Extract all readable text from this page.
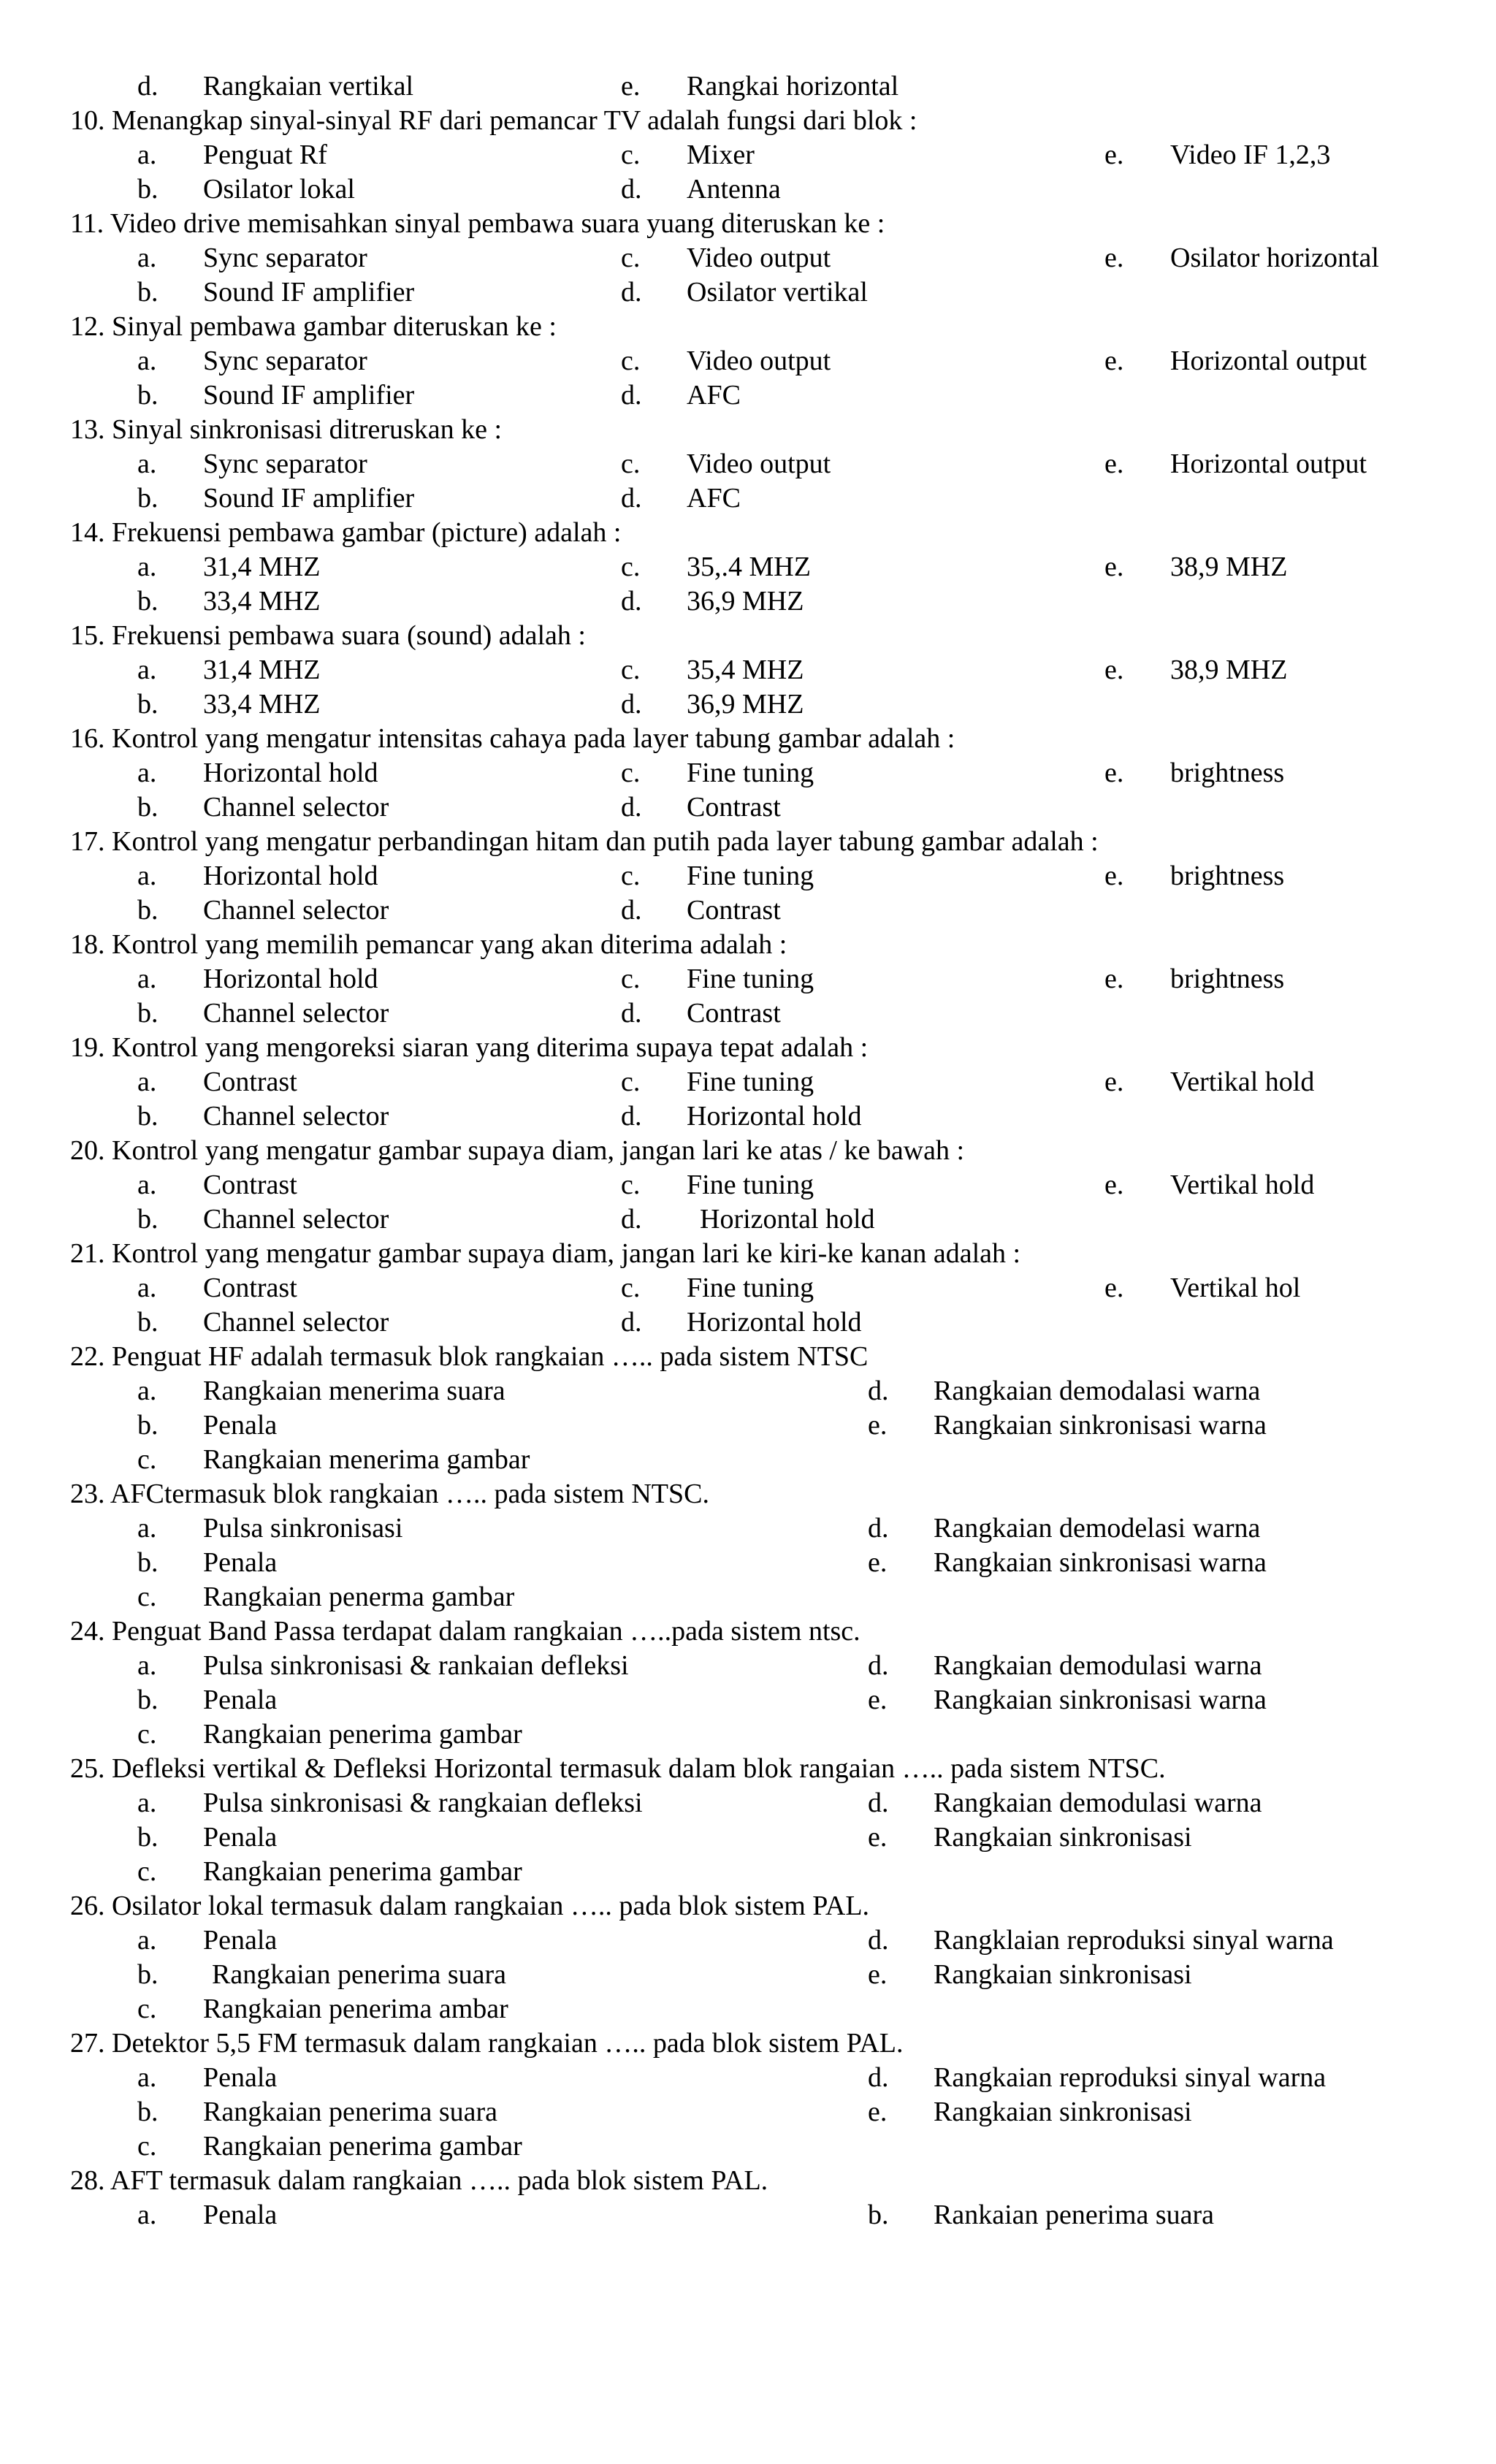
d. Rangkaian vertikal	e. Rangkai horizontal
10. Menangkap sinyal-sinyal RF dari pemancar TV adalah fungsi dari blok :
a. Penguat Rf	c. Mixer	e. Video IF 1,2,3
b. Osilator lokal	d. Antenna
11. Video drive memisahkan sinyal pembawa suara yuang diteruskan ke :
a. Sync separator	c. Video output	e. Osilator horizontal
b. Sound IF amplifier	d. Osilator vertikal
12. Sinyal pembawa gambar diteruskan ke :
a. Sync separator	c. Video output	e. Horizontal output
b. Sound IF amplifier	d. AFC
13. Sinyal sinkronisasi ditreruskan ke :
a. Sync separator	c. Video output	e. Horizontal output
b. Sound IF amplifier	d. AFC
14. Frekuensi pembawa gambar (picture) adalah :
a. 31,4 MHZ	c. 35,.4 MHZ	e. 38,9 MHZ
b. 33,4 MHZ	d. 36,9 MHZ
15. Frekuensi pembawa suara (sound) adalah :
a. 31,4 MHZ	c. 35,4 MHZ	e. 38,9 MHZ
b. 33,4 MHZ	d. 36,9 MHZ
16. Kontrol yang mengatur intensitas cahaya pada layer tabung gambar adalah :
a. Horizontal hold	c. Fine tuning	e. brightness
b. Channel selector	d. Contrast
17. Kontrol yang mengatur perbandingan hitam dan putih pada layer tabung gambar adalah :
a. Horizontal hold	c. Fine tuning	e. brightness
b. Channel selector	d. Contrast
18. Kontrol yang memilih pemancar yang akan diterima adalah :
a. Horizontal hold	c. Fine tuning	e. brightness
b. Channel selector	d. Contrast
19. Kontrol yang mengoreksi siaran yang diterima supaya tepat adalah :
a. Contrast	c. Fine tuning	e. Vertikal hold
b. Channel selector	d. Horizontal hold
20. Kontrol yang mengatur gambar supaya diam, jangan lari ke atas / ke bawah :
a. Contrast	c. Fine tuning	e. Vertikal hold
b. Channel selector	d. Horizontal hold
21. Kontrol yang mengatur gambar supaya diam, jangan lari ke kiri-ke kanan adalah :
a. Contrast	c. Fine tuning	e. Vertikal hol
b. Channel selector	d. Horizontal hold
22. Penguat HF adalah termasuk blok rangkaian ….. pada sistem NTSC
a. Rangkaian menerima suara	d. Rangkaian demodalasi warna
b. Penala	e. Rangkaian sinkronisasi warna
c. Rangkaian menerima gambar
23. AFCtermasuk blok rangkaian ….. pada sistem NTSC.
a. Pulsa sinkronisasi	d. Rangkaian demodelasi warna
b. Penala	e. Rangkaian sinkronisasi warna
c. Rangkaian penerma gambar
24. Penguat Band Passa terdapat dalam rangkaian …..pada sistem ntsc.
a. Pulsa sinkronisasi & rankaian defleksi	d. Rangkaian demodulasi warna
b. Penala	e. Rangkaian sinkronisasi warna
c. Rangkaian penerima gambar
25. Defleksi vertikal & Defleksi Horizontal termasuk dalam blok rangaian ….. pada sistem NTSC.
a. Pulsa sinkronisasi & rangkaian defleksi	d. Rangkaian demodulasi warna
b. Penala	e. Rangkaian sinkronisasi
c. Rangkaian penerima gambar
26. Osilator lokal termasuk dalam rangkaian ….. pada blok sistem PAL.
a. Penala	d. Rangklaian reproduksi sinyal warna
b. Rangkaian penerima suara	e. Rangkaian sinkronisasi
c. Rangkaian penerima ambar
27. Detektor 5,5 FM termasuk dalam rangkaian ….. pada blok sistem PAL.
a. Penala	d. Rangkaian reproduksi sinyal warna
b. Rangkaian penerima suara	e. Rangkaian sinkronisasi
c. Rangkaian penerima gambar
28. AFT termasuk dalam rangkaian ….. pada blok sistem PAL.
a. Penala	b. Rankaian penerima suara
